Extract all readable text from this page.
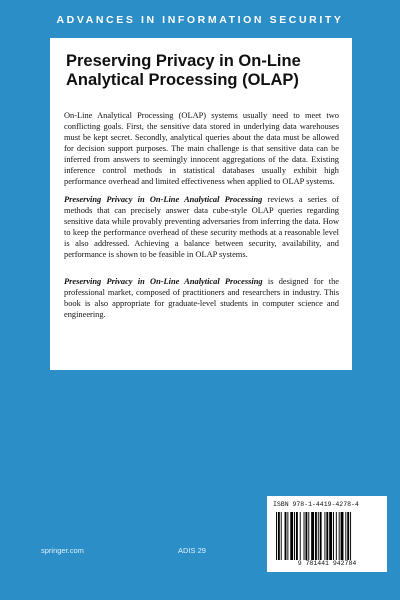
ADVANCES IN INFORMATION SECURITY
Preserving Privacy in On-Line Analytical Processing (OLAP)

On-Line Analytical Processing (OLAP) systems usually need to meet two conflicting goals. First, the sensitive data stored in underlying data warehouses must be kept secret. Secondly, analytical queries about the data must be allowed for decision support purposes. The main challenge is that sensitive data can be inferred from answers to seemingly innocent aggregations of the data. Existing inference control methods in statistical databases usually exhibit high performance overhead and limited effectiveness when applied to OLAP systems.

Preserving Privacy in On-Line Analytical Processing reviews a series of methods that can precisely answer data cube-style OLAP queries regarding sensitive data while provably preventing adversaries from inferring the data. How to keep the performance overhead of these security methods at a reasonable level is also addressed. Achieving a balance between security, availability, and performance is shown to be feasible in OLAP systems.

Preserving Privacy in On-Line Analytical Processing is designed for the professional market, composed of practitioners and researchers in industry. This book is also appropriate for graduate-level students in computer science and engineering.

ISBN 978-1-4419-4278-4
9 781441 942784
springer.com	ADIS 29
